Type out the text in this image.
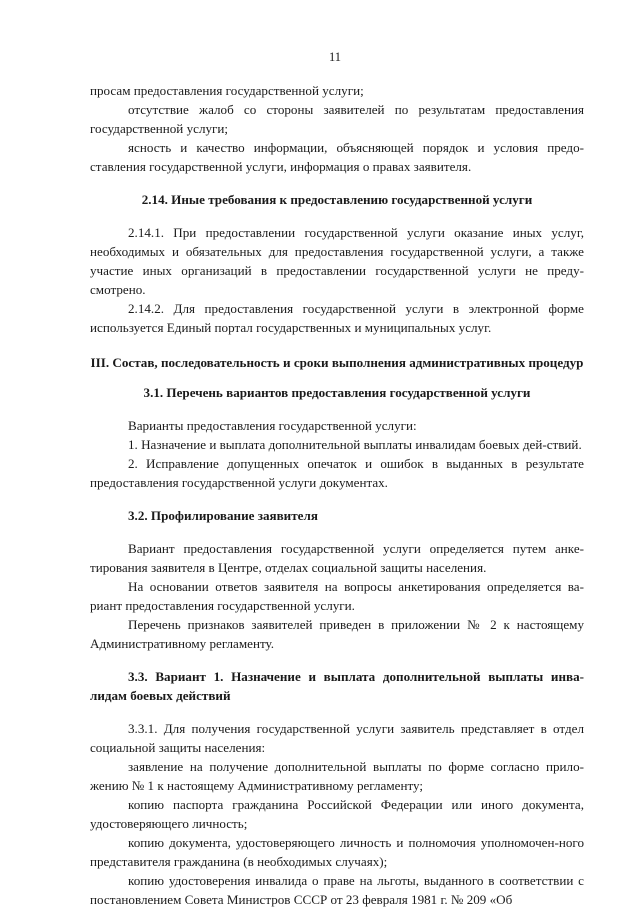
11

просам предоставления государственной услуги;

отсутствие жалоб со стороны заявителей по результатам предоставления государственной услуги;

ясность и качество информации, объясняющей порядок и условия предо-ставления государственной услуги, информация о правах заявителя.

2.14. Иные требования к предоставлению государственной услуги

2.14.1. При предоставлении государственной услуги оказание иных услуг, необходимых и обязательных для предоставления государственной услуги, а также участие иных организаций в предоставлении государственной услуги не преду-смотрено.

2.14.2. Для предоставления государственной услуги в электронной форме используется Единый портал государственных и муниципальных услуг.

III. Состав, последовательность и сроки выполнения административных процедур
3.1. Перечень вариантов предоставления государственной услуги

Варианты предоставления государственной услуги:

1. Назначение и выплата дополнительной выплаты инвалидам боевых дей-ствий.

2. Исправление допущенных опечаток и ошибок в выданных в результате предоставления государственной услуги документах.

3.2. Профилирование заявителя

Вариант предоставления государственной услуги определяется путем анке-тирования заявителя в Центре, отделах социальной защиты населения.

На основании ответов заявителя на вопросы анкетирования определяется ва-риант предоставления государственной услуги.

Перечень признаков заявителей приведен в приложении № 2 к настоящему Административному регламенту.

3.3. Вариант 1. Назначение и выплата дополнительной выплаты инва-лидам боевых действий

3.3.1. Для получения государственной услуги заявитель представляет в отдел социальной защиты населения:

заявление на получение дополнительной выплаты по форме согласно прило-жению № 1 к настоящему Административному регламенту;

копию паспорта гражданина Российской Федерации или иного документа, удостоверяющего личность;

копию документа, удостоверяющего личность и полномочия уполномочен-ного представителя гражданина (в необходимых случаях);

копию удостоверения инвалида о праве на льготы, выданного в соответствии с постановлением Совета Министров СССР от 23 февраля 1981 г. № 209 «Об
